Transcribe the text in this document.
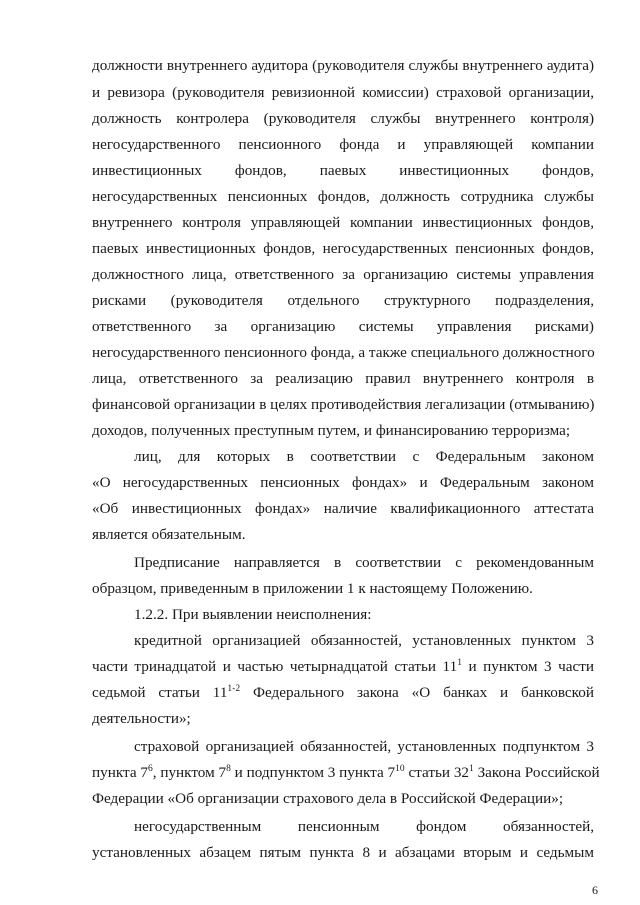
должности внутреннего аудитора (руководителя службы внутреннего аудита)
и ревизора (руководителя ревизионной комиссии) страховой организации,
должность контролера (руководителя службы внутреннего контроля)
негосударственного пенсионного фонда и управляющей компании
инвестиционных фондов, паевых инвестиционных фондов,
негосударственных пенсионных фондов, должность сотрудника службы
внутреннего контроля управляющей компании инвестиционных фондов,
паевых инвестиционных фондов, негосударственных пенсионных фондов,
должностного лица, ответственного за организацию системы управления
рисками (руководителя отдельного структурного подразделения,
ответственного за организацию системы управления рисками)
негосударственного пенсионного фонда, а также специального должностного
лица, ответственного за реализацию правил внутреннего контроля в
финансовой организации в целях противодействия легализации (отмыванию)
доходов, полученных преступным путем, и финансированию терроризма;
лиц, для которых в соответствии с Федеральным законом
«О негосударственных пенсионных фондах» и Федеральным законом
«Об инвестиционных фондах» наличие квалификационного аттестата
является обязательным.
Предписание направляется в соответствии с рекомендованным
образцом, приведенным в приложении 1 к настоящему Положению.
1.2.2. При выявлении неисполнения:
кредитной организацией обязанностей, установленных пунктом 3
части тринадцатой и частью четырнадцатой статьи $11^1$ и пунктом 3 части
седьмой статьи 11$^{1-2}$ Федерального закона «О банках и банковской
деятельности»;
страховой организацией обязанностей, установленных подпунктом 3
пункта $7^6$, пунктом $7^8$ и подпунктом 3 пункта $7^{10}$ статьи $32^1$ Закона Российской
Федерации «Об организации страхового дела в Российской Федерации»;
негосударственным пенсионным фондом обязанностей,
установленных абзацем пятым пункта 8 и абзацами вторым и седьмым
6
